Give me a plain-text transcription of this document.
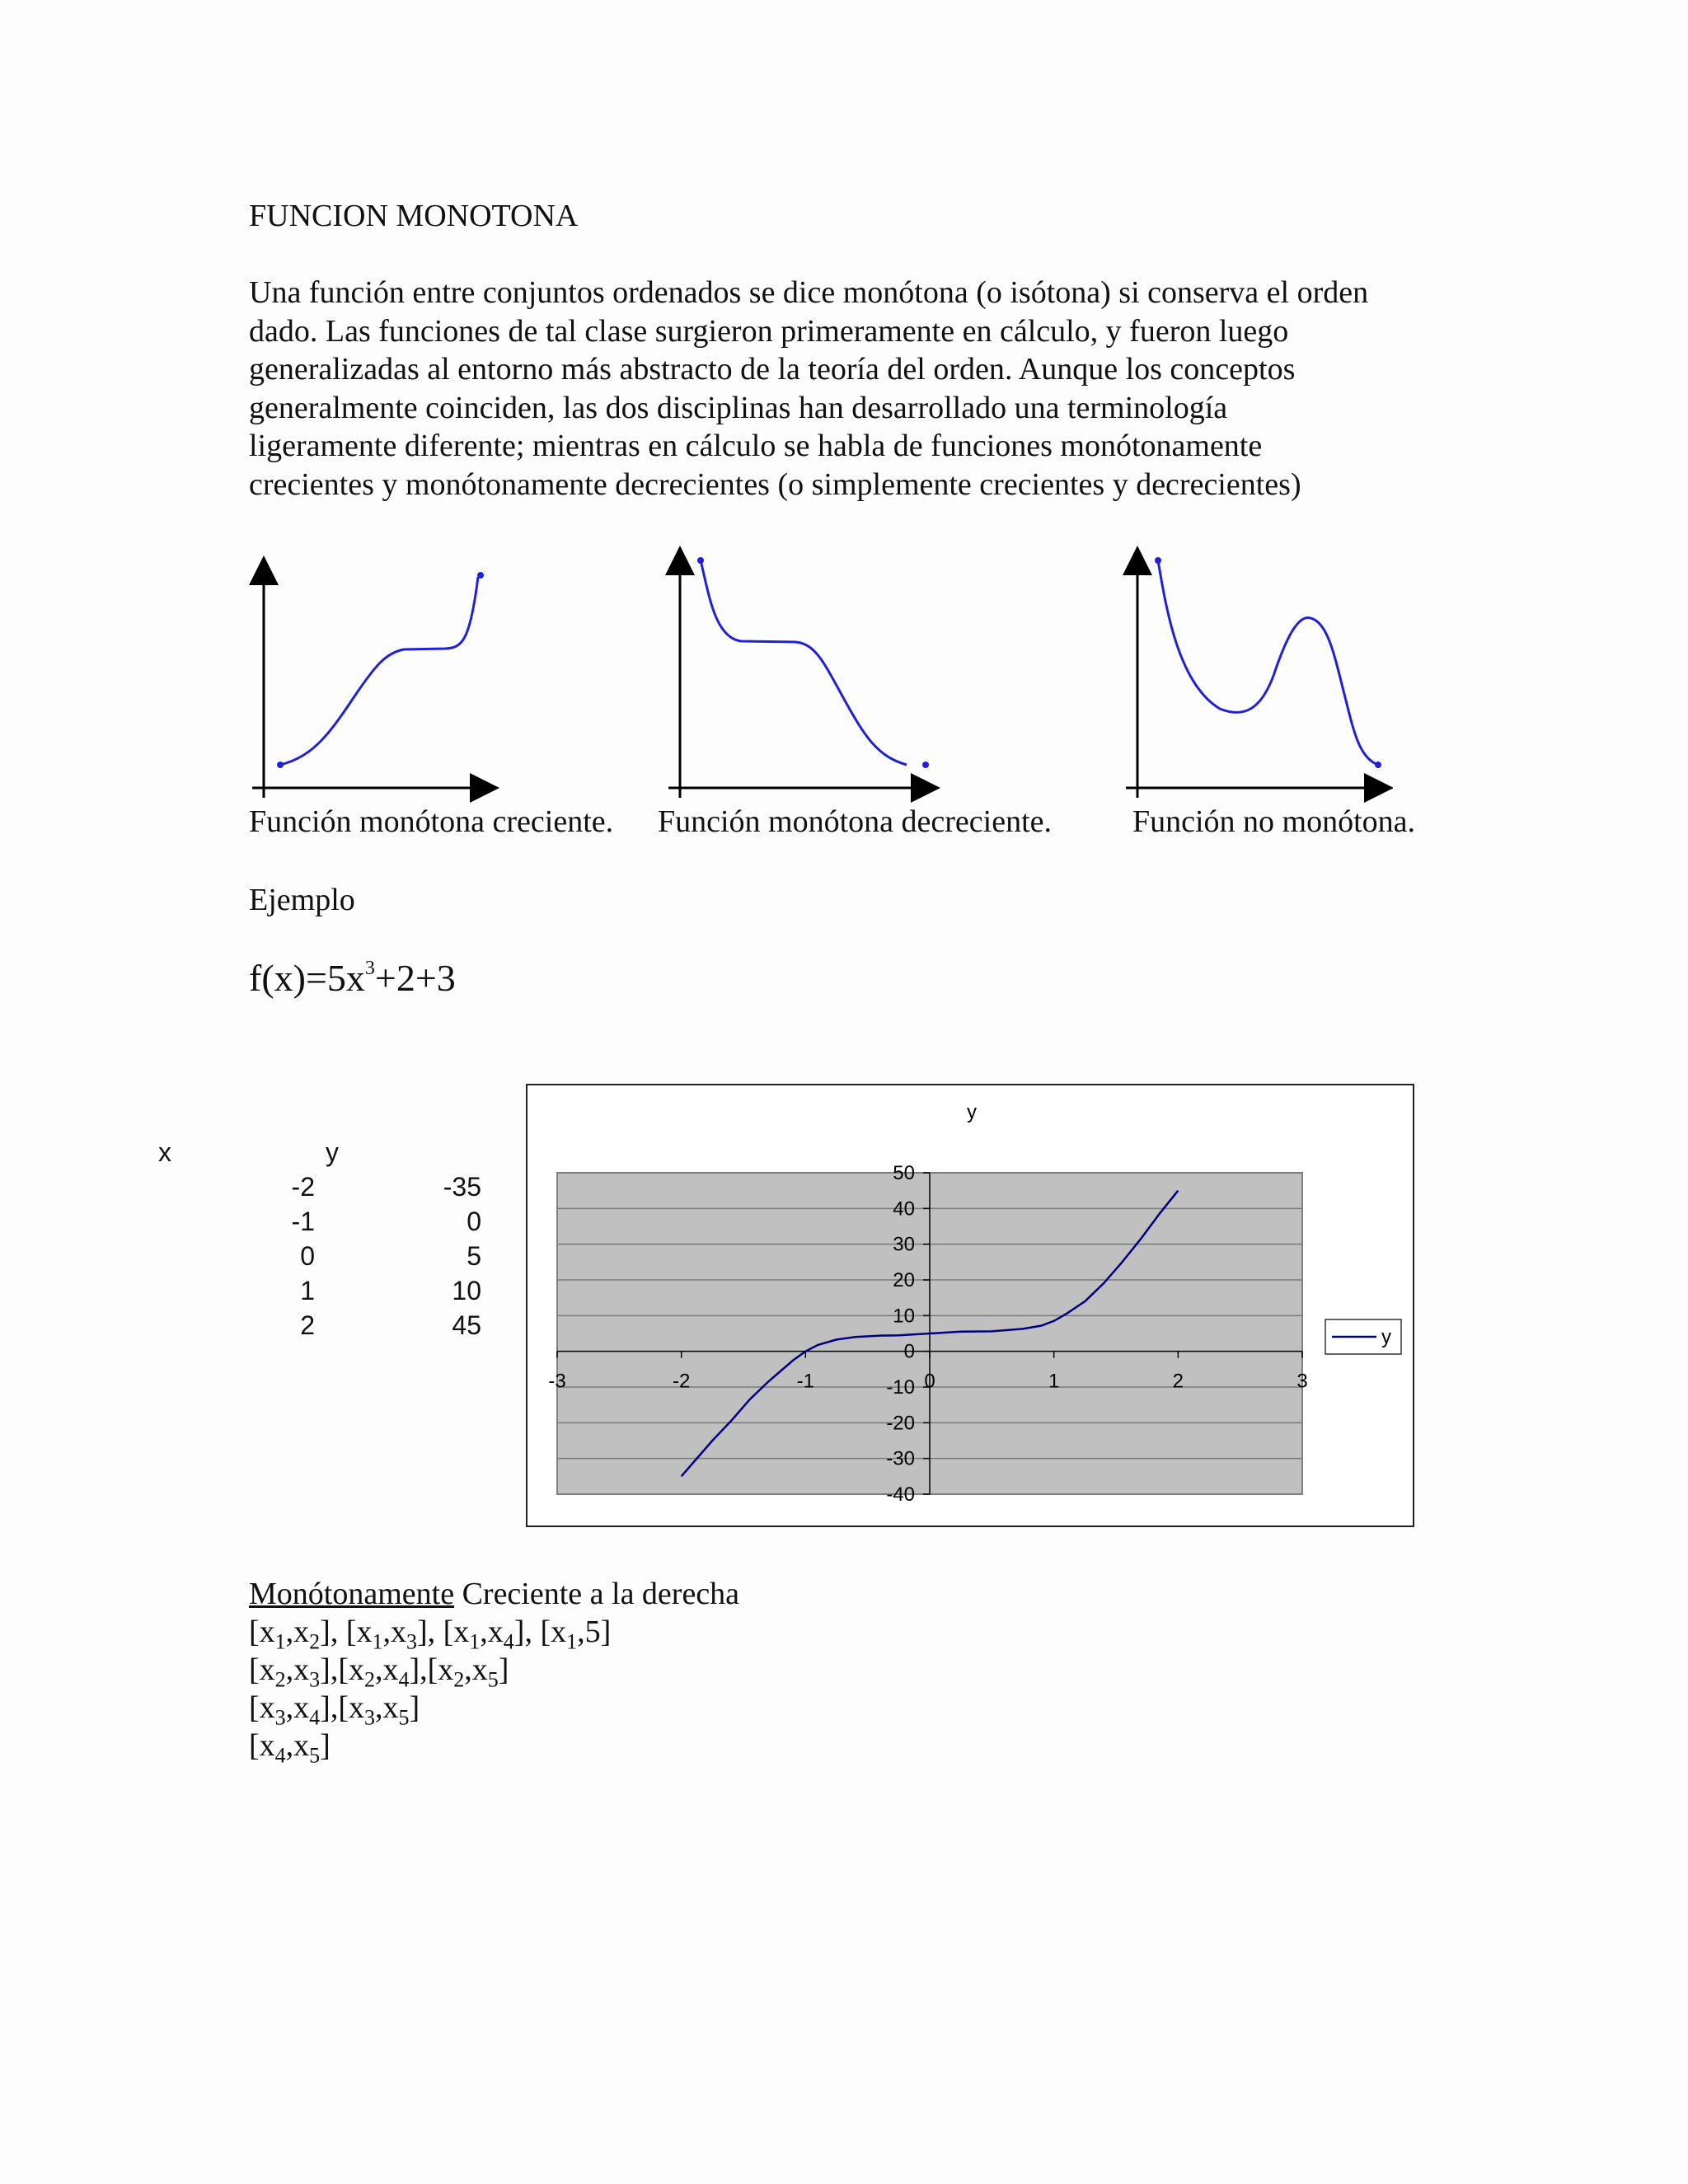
FUNCION MONOTONA
Una función entre conjuntos ordenados se dice monótona (o isótona) si conserva el orden
dado. Las funciones de tal clase surgieron primeramente en cálculo, y fueron luego
generalizadas al entorno más abstracto de la teoría del orden. Aunque los conceptos
generalmente coinciden, las dos disciplinas han desarrollado una terminología
ligeramente diferente; mientras en cálculo se habla de funciones monótonamente
crecientes y monótonamente decrecientes (o simplemente crecientes y decrecientes)
Función monótona creciente. Función monótona decreciente.	Función no monótona.
Ejemplo
$f(x)=5x^3+2+3$
x	y
-2	-35
-1	0
0	5
1	10
2	45
y
-40
-30
-20
-10
0
10
20
30
40
50
-3	-2	-1	0	1	2	3
y
Monótonamente Creciente a la derecha
$[x_1,x_2]$, $[x_1,x_3]$, $[x_1,x_4]$, $[x_1,5]$
$[x_2,x_3],[x_2,x_4],[x_2,x_5]$
$[x_3,x_4],[x_3,x_5]$
$[x_4,x_5]$
